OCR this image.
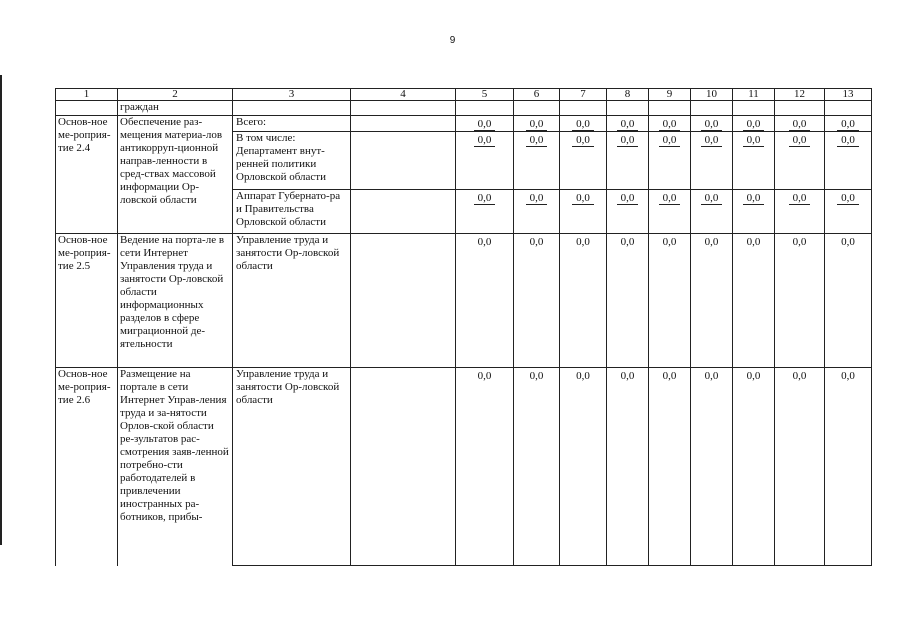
9
1	2	3	4	5	6	7	8	9	10	11	12	13
	граждан											
Основ-ное ме-роприя-тие 2.4	Обеспечение раз-мещения материа-лов антикорруп-ционной направ-ленности в сред-ствах массовой информации Ор-ловской области	Всего:		0,0	0,0	0,0	0,0	0,0	0,0	0,0	0,0	0,0
		В том числе: Департамент внут-ренней политики Орловской области		0,0	0,0	0,0	0,0	0,0	0,0	0,0	0,0	0,0
		Аппарат Губернато-ра и Правительства Орловской области		0,0	0,0	0,0	0,0	0,0	0,0	0,0	0,0	0,0
Основ-ное ме-роприя-тие 2.5	Ведение на порта-ле в сети Интернет Управления труда и занятости Ор-ловской области информационных разделов в сфере миграционной де-ятельности	Управление труда и занятости Ор-ловской области		0,0	0,0	0,0	0,0	0,0	0,0	0,0	0,0	0,0
Основ-ное ме-роприя-тие 2.6	Размещение на портале в сети Интернет Управ-ления труда и за-нятости Орлов-ской области ре-зультатов рас-смотрения заяв-ленной потребно-сти работодателей в привлечении иностранных ра-ботников, прибы-	Управление труда и занятости Ор-ловской области		0,0	0,0	0,0	0,0	0,0	0,0	0,0	0,0	0,0
